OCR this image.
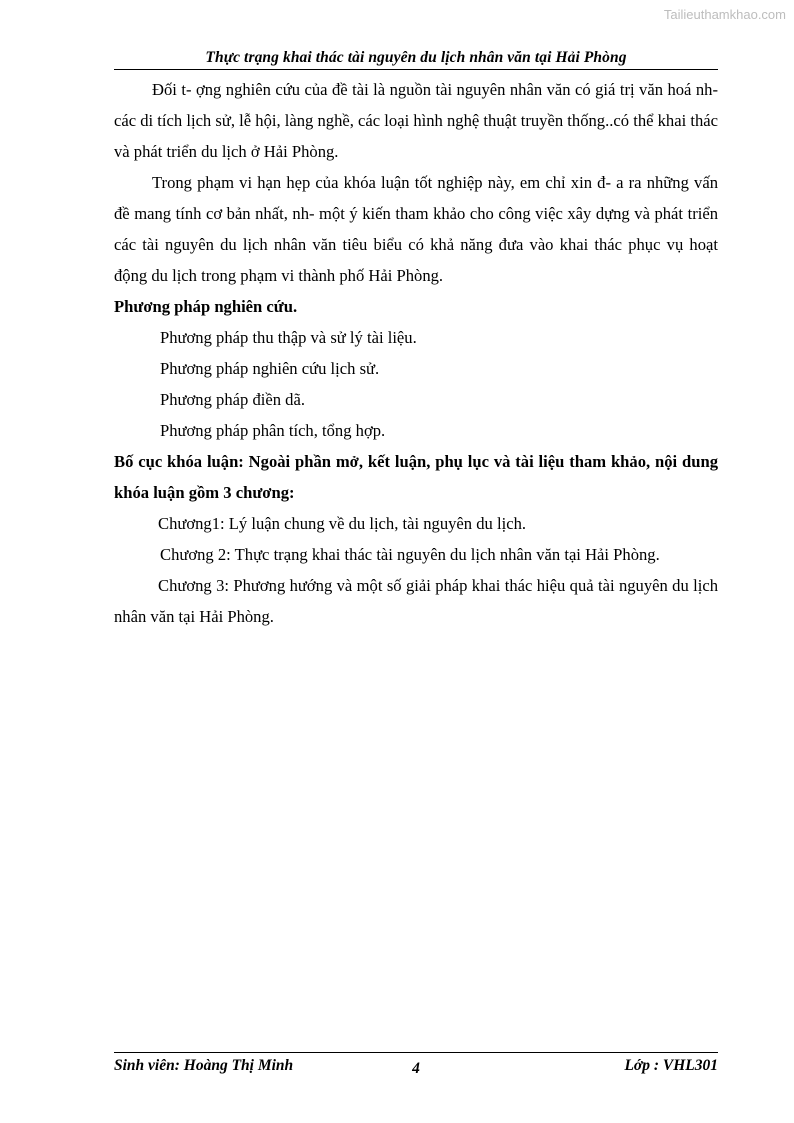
Tailieuthamkhao.com
Thực trạng khai thác tài nguyên du lịch nhân văn tại Hải Phòng

Đối t- ợng nghiên cứu của đề tài là nguồn tài nguyên nhân văn có giá trị văn hoá nh- các di tích lịch sử, lễ hội, làng nghề, các loại hình nghệ thuật truyền thống..có thể khai thác và phát triển du lịch ở Hải Phòng.

Trong phạm vi hạn hẹp của khóa luận tốt nghiệp này, em chỉ xin đ- a ra những vấn đề mang tính cơ bản nhất, nh- một ý kiến tham khảo cho công việc xây dựng và phát triển các tài nguyên du lịch nhân văn tiêu biểu có khả năng đưa vào khai thác phục vụ hoạt động du lịch trong phạm vi thành phố Hải Phòng.

Phương pháp nghiên cứu.

Phương pháp thu thập và sử lý tài liệu.

Phương pháp nghiên cứu lịch sử.

Phương pháp điền dã.

Phương pháp phân tích, tổng hợp.

Bố cục khóa luận: Ngoài phần mở, kết luận, phụ lục và tài liệu tham khảo, nội dung khóa luận gồm 3 chương:

Chương1: Lý luận chung về du lịch, tài nguyên du lịch.

Chương 2: Thực trạng khai thác tài nguyên du lịch nhân văn tại Hải Phòng.

Chương 3: Phương hướng và một số giải pháp khai thác hiệu quả tài nguyên du lịch nhân văn tại Hải Phòng.

Sinh viên: Hoàng Thị Minh	4	Lớp : VHL301
